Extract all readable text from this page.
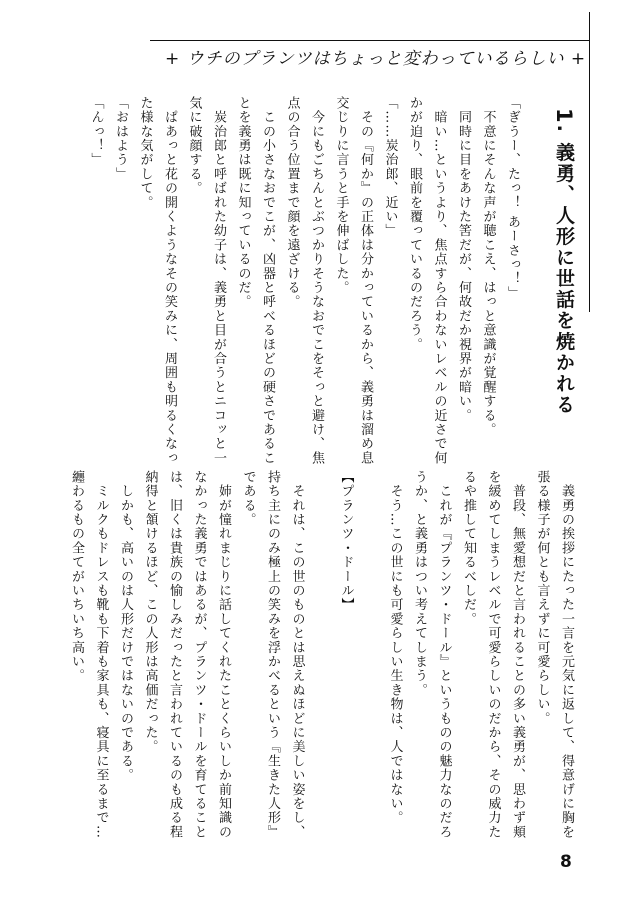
+ ウチのプランツはちょっと変わっているらしい +
1. 義勇、人形に世話を焼かれる
「ぎうー、たっ！ あーさっ！」
　不意にそんな声が聴こえ、はっと意識が覚醒する。
　同時に目をあけた筈だが、何故だか視界が暗い。
　暗い…というより、焦点すら合わないレベルの近さで何
かが迫り、眼前を覆っているのだろう。
「……炭治郎、近い」
　その『何か』の正体は分かっているから、義勇は溜め息
交じりに言うと手を伸ばした。
　今にもごちんとぶつかりそうなおでこをそっと避け、焦
点の合う位置まで顔を遠ざける。
　この小さなおでこが、凶器と呼べるほどの硬さであるこ
とを義勇は既に知っているのだ。
　炭治郎と呼ばれた幼子は、義勇と目が合うとニコッと一
気に破顔する。
　ぱあっと花の開くようなその笑みに、周囲も明るくなっ
た様な気がして。
「おはよう」
「んっ！」
　義勇の挨拶にたった一言を元気に返して、得意げに胸を
張る様子が何とも言えずに可愛らしい。
　普段、無愛想だと言われることの多い義勇が、思わず頬
を緩めてしまうレベルで可愛らしいのだから、その威力た
るや推して知るべしだ。
　これが『プランツ・ドール』というものの魅力なのだろ
うか、と義勇はつい考えてしまう。
　そう…この世にも可愛らしい生き物は、人ではない。

【プランツ・ドール】

　それは、この世のものとは思えぬほどに美しい姿をし、
持ち主にのみ極上の笑みを浮かべるという『生きた人形』
である。
　姉が憧れまじりに話してくれたことくらいしか前知識の
なかった義勇ではあるが、プランツ・ドールを育てること
は、旧くは貴族の愉しみだったと言われているのも成る程
納得と頷けるほど、この人形は高価だった。
　しかも、高いのは人形だけではないのである。
　ミルクもドレスも靴も下着も家具も、寝具に至るまで…
纏わるもの全てがいちいち高い。
8
